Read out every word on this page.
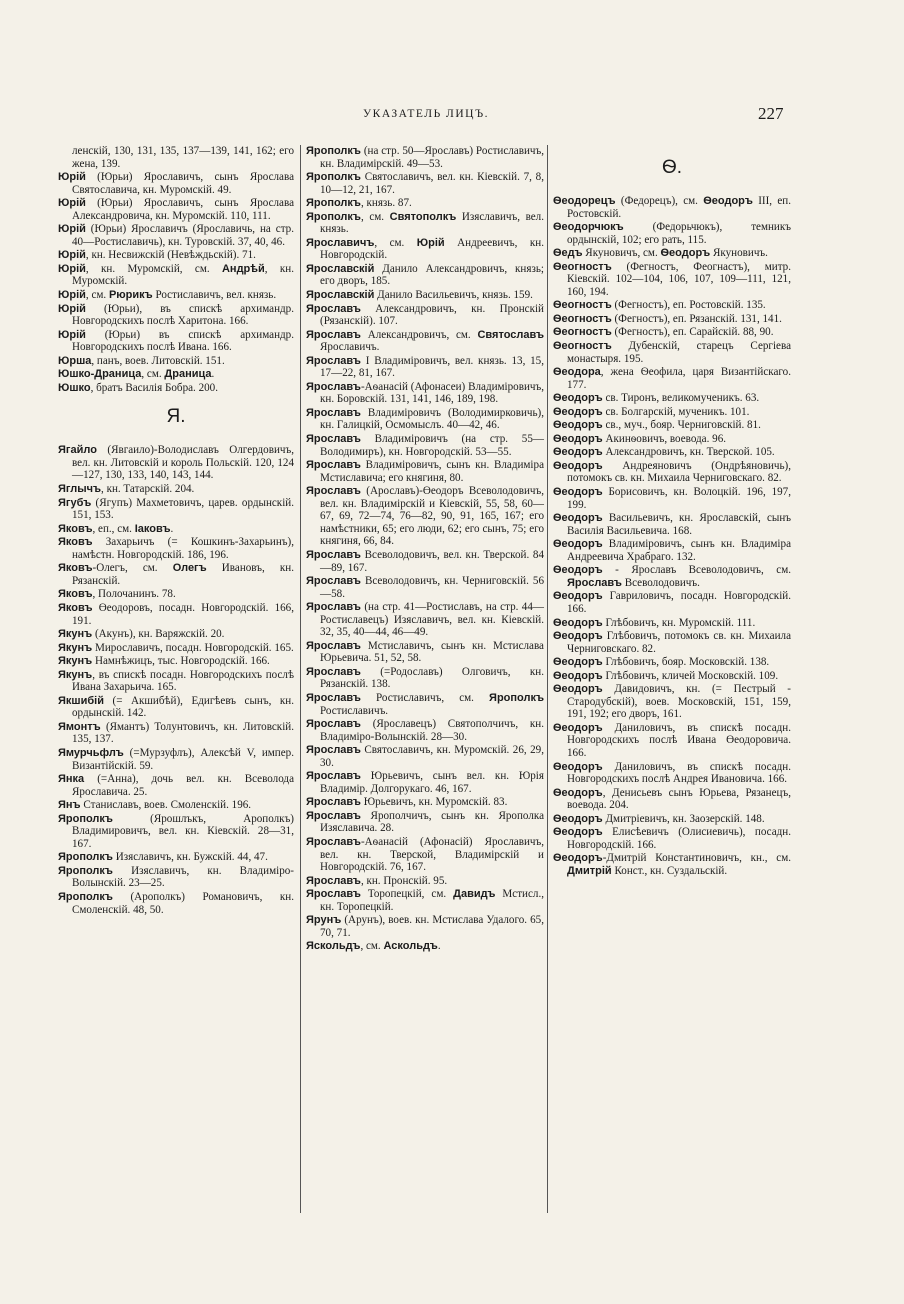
УКАЗАТЕЛЬ ЛИЦЪ.	227
ленскій, 130, 131, 135, 137—139, 141, 162; его жена, 139.
Юрій (Юрьи) Ярославичъ, сынъ Ярослава Святославича, кн. Муромскій. 49.
Юрій (Юрьи) Ярославичъ, сынъ Ярослава Александровича, кн. Муромскій. 110, 111.
Юрій (Юрьи) Ярославичъ (Ярославичь, на стр. 40—Ростиславичь), кн. Туровскій. 37, 40, 46.
Юрій, кн. Несвижскій (Невѣждьскій). 71.
Юрій, кн. Муромскій, см. Андрѣй, кн. Муромскій.
Юрій, см. Рюрикъ Ростиславичъ, вел. князь.
Юрій (Юрьи), въ спискѣ архимандр. Новгородскихъ послѣ Харитона. 166.
Юрій (Юрьи) въ спискѣ архимандр. Новгородскихъ послѣ Ивана. 166.
Юрша, панъ, воев. Литовскій. 151.
Юшко-Драница, см. Драница.
Юшко, братъ Василія Бобра. 200.
Я.
Ягайло (Явгаило)-Володиславъ Олгердовичъ, вел. кн. Литовскій и король Польскій. 120, 124—127, 130, 133, 140, 143, 144.
Яглычъ, кн. Татарскій. 204.
Ягубъ (Ягупъ) Махметовичъ, царев. ордынскій. 151, 153.
Яковъ, еп., см. Іаковъ.
Яковъ Захарьичъ (= Кошкинъ-Захарьинъ), намѣстн. Новгородскій. 186, 196.
Яковъ-Олегъ, см. Олегъ Ивановъ, кн. Рязанскій.
Яковъ, Полочанинъ. 78.
Яковъ Өеодоровъ, посадн. Новгородскій. 166, 191.
Якунъ (Акунъ), кн. Варяжскій. 20.
Якунъ Мирославичъ, посадн. Новгородскій. 165.
Якунъ Намнѣжицъ, тыс. Новгородскій. 166.
Якунъ, въ спискѣ посадн. Новгородскихъ послѣ Ивана Захарьича. 165.
Якшибій (= Акшибѣй), Едигѣевъ сынъ, кн. ордынскій. 142.
Ямонтъ (Ямантъ) Толунтовичъ, кн. Литовскій. 135, 137.
Ямурчьфлъ (=Мурзуфлъ), Алексѣй V, импер. Византійскій. 59.
Янка (=Анна), дочь вел. кн. Всеволода Ярославича. 25.
Янъ Станиславъ, воев. Смоленскій. 196.
Ярополкъ (Ярошлъкъ, Арополкъ) Владимировичъ, вел. кн. Кіевскій. 28—31, 167.
Ярополкъ Изяславичъ, кн. Бужскій. 44, 47.
Ярополкъ Изяславичъ, кн. Владиміро-Волынскій. 23—25.
Ярополкъ (Арополкъ) Романовичъ, кн. Смоленскій. 48, 50.
Ярополкъ (на стр. 50—Ярославъ) Ростиславичъ, кн. Владимірскій. 49—53.
Ярополкъ Святославичъ, вел. кн. Кіевскій. 7, 8, 10—12, 21, 167.
Ярополкъ, князь. 87.
Ярополкъ, см. Святополкъ Изяславичъ, вел. князь.
Ярославичъ, см. Юрій Андреевичъ, кн. Новгородскій.
Ярославскій Данило Александровичъ, князь; его дворъ, 185.
Ярославскій Данило Васильевичъ, князь. 159.
Ярославъ Александровичъ, кн. Пронскій (Рязанскій). 107.
Ярославъ Александровичъ, см. Святославъ Ярославичъ.
Ярославъ I Владиміровичъ, вел. князь. 13, 15, 17—22, 81, 167.
Ярославъ-Аѳанасій (Афонасеи) Владиміровичъ, кн. Боровскій. 131, 141, 146, 189, 198.
Ярославъ Владиміровичъ (Володимирковичь), кн. Галицкій, Осмомыслъ. 40—42, 46.
Ярославъ Владиміровичъ (на стр. 55—Володимиръ), кн. Новгородскій. 53—55.
Ярославъ Владиміровичъ, сынъ кн. Владиміра Мстиславича; его княгиня, 80.
Ярославъ (Арославъ)-Өеодоръ Всеволодовичъ, вел. кн. Владимірскій и Кіевскій, 55, 58, 60—67, 69, 72—74, 76—82, 90, 91, 165, 167; его намѣстники, 65; его люди, 62; его сынъ, 75; его княгиня, 66, 84.
Ярославъ Всеволодовичъ, вел. кн. Тверской. 84—89, 167.
Ярославъ Всеволодовичъ, кн. Черниговскій. 56—58.
Ярославъ (на стр. 41—Ростиславъ, на стр. 44—Ростиславецъ) Изяславичъ, вел. кн. Кіевскій. 32, 35, 40—44, 46—49.
Ярославъ Мстиславичъ, сынъ кн. Мстислава Юрьевича. 51, 52, 58.
Ярославъ (=Родославъ) Олговичъ, кн. Рязанскій. 138.
Ярославъ Ростиславичъ, см. Ярополкъ Ростиславичъ.
Ярославъ (Ярославецъ) Святополчичъ, кн. Владиміро-Волынскій. 28—30.
Ярославъ Святославичъ, кн. Муромскій. 26, 29, 30.
Ярославъ Юрьевичъ, сынъ вел. кн. Юрія Владимір. Долгорукаго. 46, 167.
Ярославъ Юрьевичъ, кн. Муромскій. 83.
Ярославъ Ярополчичъ, сынъ кн. Ярополка Изяславича. 28.
Ярославъ-Аѳанасій (Афонасій) Ярославичъ, вел. кн. Тверской, Владимірскій и Новгородскій. 76, 167.
Ярославъ, кн. Пронскій. 95.
Ярославъ Торопецкій, см. Давидъ Мстисл., кн. Торопецкій.
Ярунъ (Арунъ), воев. кн. Мстислава Удалого. 65, 70, 71.
Яскольдъ, см. Аскольдъ.
Ѳ.
Ѳеодорецъ (Федорецъ), см. Ѳеодоръ III, еп. Ростовскій.
Ѳеодорчюкъ (Федорьчюкъ), темникъ ордынскій, 102; его рать, 115.
Ѳедъ Якуновичъ, см. Ѳеодоръ Якуновичъ.
Ѳеогностъ (Фегностъ, Феогнастъ), митр. Кіевскій. 102—104, 106, 107, 109—111, 121, 160, 194.
Ѳеогностъ (Фегностъ), еп. Ростовскій. 135.
Ѳеогностъ (Фегностъ), еп. Рязанскій. 131, 141.
Ѳеогностъ (Фегностъ), еп. Сарайскій. 88, 90.
Ѳеогностъ Дубенскій, старецъ Сергіева монастыря. 195.
Ѳеодора, жена Ѳеофила, царя Византійскаго. 177.
Ѳеодоръ св. Тиронъ, великомученикъ. 63.
Ѳеодоръ св. Болгарскій, мученикъ. 101.
Ѳеодоръ св., муч., бояр. Черниговскій. 81.
Ѳеодоръ Акинѳовичъ, воевода. 96.
Ѳеодоръ Александровичъ, кн. Тверской. 105.
Ѳеодоръ Андреяновичъ (Ондрѣяновичь), потомокъ св. кн. Михаила Черниговскаго. 82.
Ѳеодоръ Борисовичъ, кн. Волоцкій. 196, 197, 199.
Ѳеодоръ Васильевичъ, кн. Ярославскій, сынъ Василія Васильевича. 168.
Ѳеодоръ Владиміровичъ, сынъ кн. Владиміра Андреевича Храбраго. 132.
Ѳеодоръ - Ярославъ Всеволодовичъ, см. Ярославъ Всеволодовичъ.
Ѳеодоръ Гавриловичъ, посадн. Новгородскій. 166.
Ѳеодоръ Глѣбовичъ, кн. Муромскій. 111.
Ѳеодоръ Глѣбовичъ, потомокъ св. кн. Михаила Черниговскаго. 82.
Ѳеодоръ Глѣбовичъ, бояр. Московскій. 138.
Ѳеодоръ Глѣбовичъ, кличей Московскій. 109.
Ѳеодоръ Давидовичъ, кн. (= Пестрый - Стародубскій), воев. Московскій, 151, 159, 191, 192; его дворъ, 161.
Ѳеодоръ Даниловичъ, въ спискѣ посадн. Новгородскихъ послѣ Ивана Өеодоровича. 166.
Ѳеодоръ Даниловичъ, въ спискѣ посадн. Новгородскихъ послѣ Андрея Ивановича. 166.
Ѳеодоръ, Денисьевъ сынъ Юрьева, Рязанецъ, воевода. 204.
Ѳеодоръ Дмитріевичъ, кн. Заозерскій. 148.
Ѳеодоръ Елисѣевичъ (Олисиевичь), посадн. Новгородскій. 166.
Ѳеодоръ-Дмитрій Константиновичъ, кн., см. Дмитрій Конст., кн. Суздальскій.
